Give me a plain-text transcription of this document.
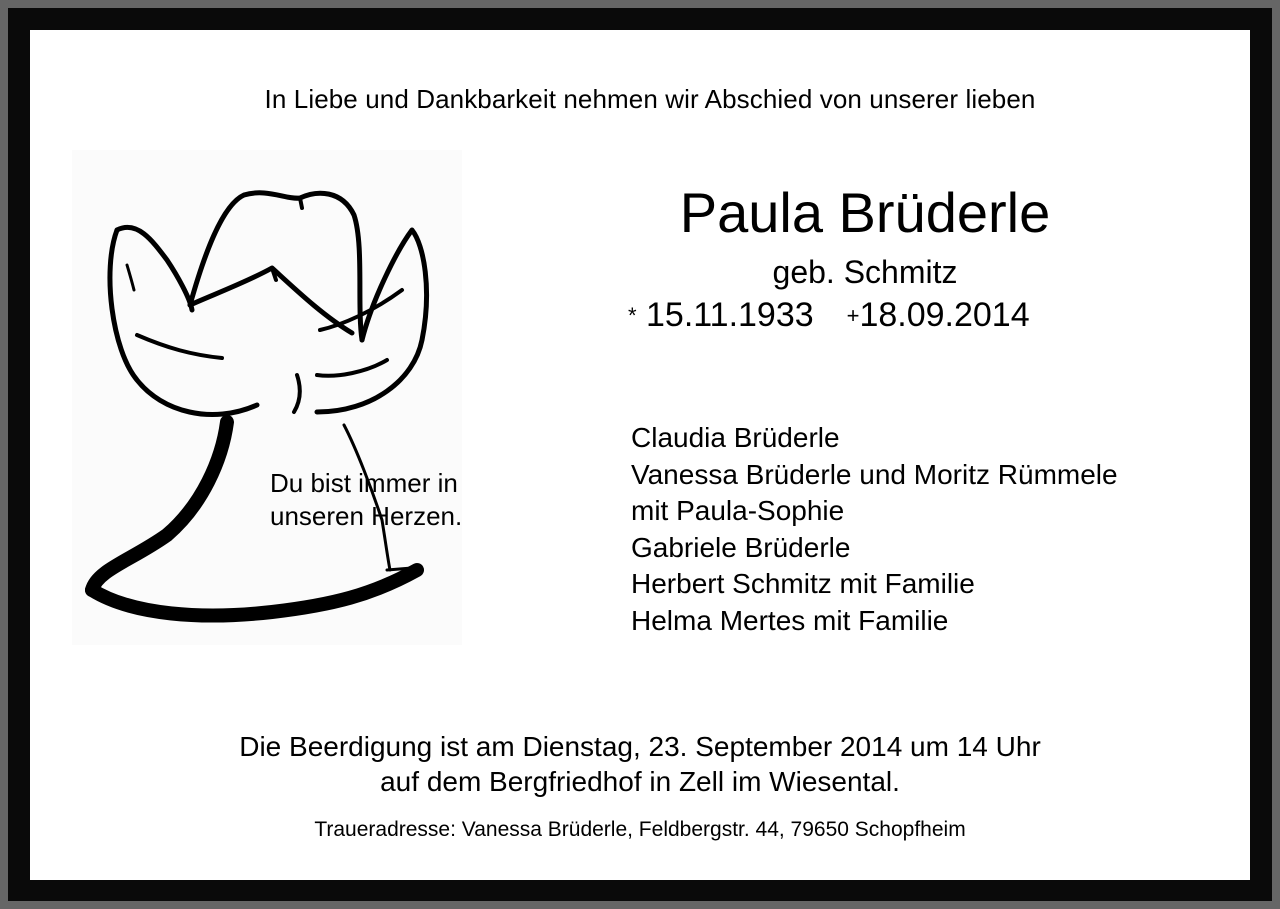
In Liebe und Dankbarkeit nehmen wir Abschied von unserer lieben
Du bist immer in
unseren Herzen.
Paula Brüderle
geb. Schmitz
* 15.11.1933 +18.09.2014
Claudia Brüderle
Vanessa Brüderle und Moritz Rümmele
mit Paula-Sophie
Gabriele Brüderle
Herbert Schmitz mit Familie
Helma Mertes mit Familie
Die Beerdigung ist am Dienstag, 23. September 2014 um 14 Uhr
auf dem Bergfriedhof in Zell im Wiesental.
Traueradresse: Vanessa Brüderle, Feldbergstr. 44, 79650 Schopfheim
